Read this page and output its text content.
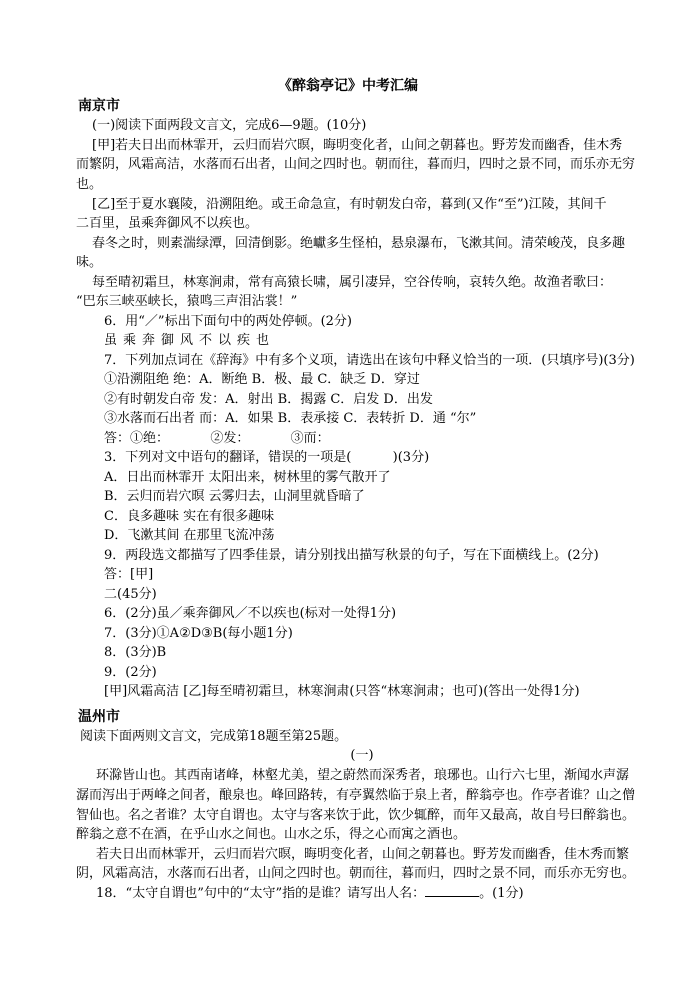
《醉翁亭记》中考汇编
南京市
(一)阅读下面两段文言文，完成6—9题。(10分)
[甲]若夫日出而林霏开，云归而岩穴暝，晦明变化者，山间之朝暮也。野芳发而幽香，佳木秀
而繁阴，风霜高洁，水落而石出者，山间之四时也。朝而往，暮而归，四时之景不同，而乐亦无穷
也。
[乙]至于夏水襄陵，沿溯阻绝。或王命急宣，有时朝发白帝，暮到(又作“至”)江陵，其间千
二百里，虽乘奔御风不以疾也。
春冬之时，则素湍绿潭，回清倒影。绝巘多生怪柏，悬泉瀑布，飞漱其间。清荣峻茂，良多趣
味。
每至晴初霜旦，林寒涧肃，常有高猿长啸，属引凄异，空谷传响，哀转久绝。故渔者歌曰：
“巴东三峡巫峡长，猿鸣三声泪沾裳！”
6．用“／”标出下面句中的两处停顿。(2分)
虽乘奔御风不以疾也
7．下列加点词在《辞海》中有多个义项，请选出在该句中释义恰当的一项．(只填序号)(3分)
①沿溯阻绝 绝：A．断绝 B．极、最 C．缺乏 D．穿过
②有时朝发白帝 发：A．射出 B．揭露 C．启发 D．出发
③水落而石出者 而：A．如果 B．表承接 C．表转折 D．通 “尔”
答：①绝：          ②发：          ③而：
3．下列对文中语句的翻译，错误的一项是(          )(3分)
A．日出而林霏开 太阳出来，树林里的雾气散开了
B．云归而岩穴暝 云雾归去，山洞里就昏暗了
C．良多趣味 实在有很多趣味
D．飞漱其间 在那里飞流冲荡
9．两段选文都描写了四季佳景，请分别找出描写秋景的句子，写在下面横线上。(2分)
答：[甲]
二(45分)
6．(2分)虽／乘奔御风／不以疾也(标对一处得1分)
7．(3分)①A②D③B(每小题1分)
8．(3分)B
9．(2分)
[甲]风霜高洁 [乙]每至晴初霜旦，林寒涧肃(只答“林寒涧肃；也可)(答出一处得1分)
温州市
阅读下面两则文言文，完成第18题至第25题。
(一)
环滁皆山也。其西南诸峰，林壑尤美，望之蔚然而深秀者，琅琊也。山行六七里，渐闻水声潺
潺而泻出于两峰之间者，酿泉也。峰回路转，有亭翼然临于泉上者，醉翁亭也。作亭者谁？山之僧
智仙也。名之者谁？太守自谓也。太守与客来饮于此，饮少辄醉，而年又最高，故自号曰醉翁也。
醉翁之意不在酒，在乎山水之间也。山水之乐，得之心而寓之酒也。
若夫日出而林霏开，云归而岩穴暝，晦明变化者，山间之朝暮也。野芳发而幽香，佳木秀而繁
阴，风霜高洁，水落而石出者，山间之四时也。朝而往，暮而归，四时之景不同，而乐亦无穷也。
18．“太守自谓也”句中的“太守”指的是谁？请写出人名：	。(1分)
